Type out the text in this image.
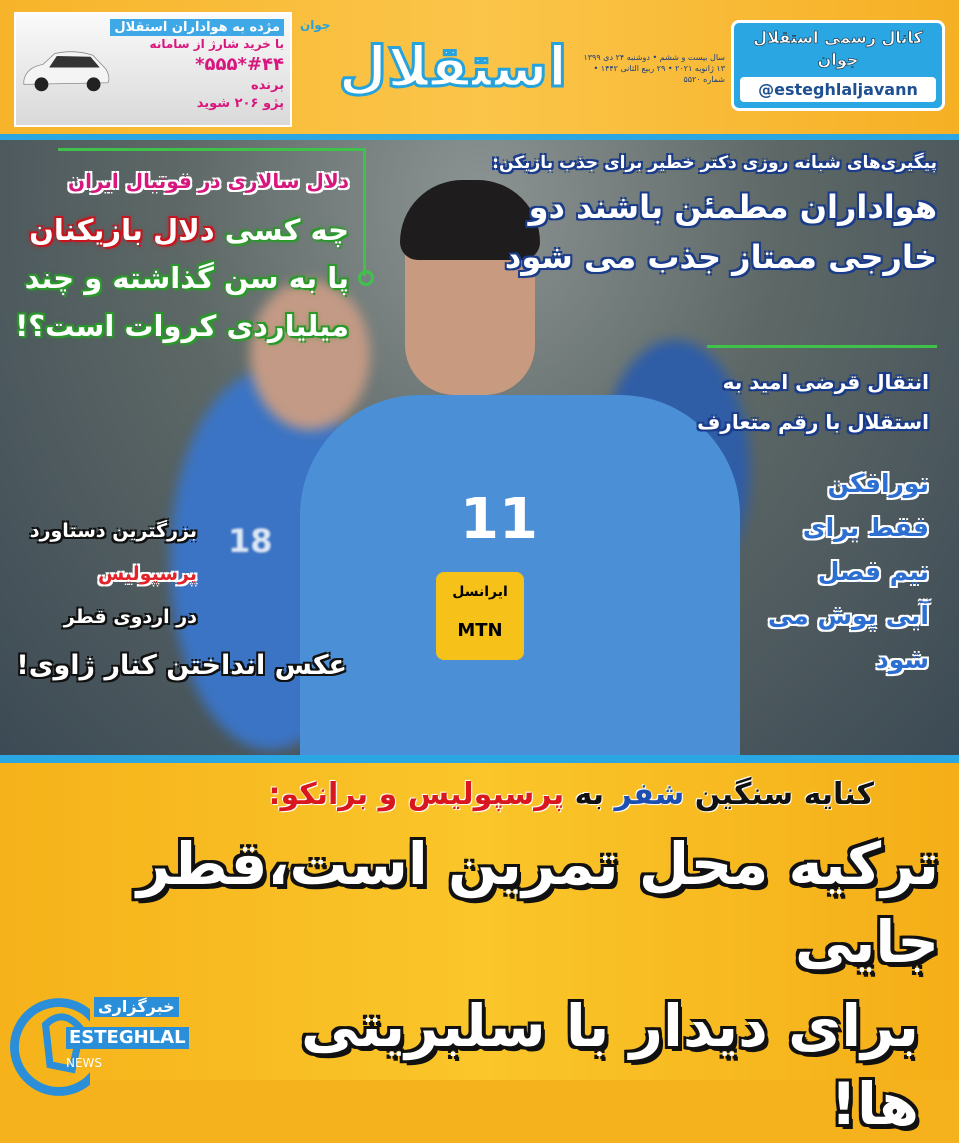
مژده به هواداران استقلال
با خرید شارژ از سامانه
#۴۴*۵۵۵*
برنده
پژو ۲۰۶ شوید
جوان
استقلال	سال بیست و ششم • دوشنبه ۲۴ دی ۱۳۹۹
۱۳ ژانویه ۲۰۲۱ • ۲۹ ربیع الثانی ۱۴۴۲ • شماره ۵۵۲۰
کانال رسمی استقلال جوان
@esteghlaljavann
11
ایرانسل
MTN
18
پیگیری‌های شبانه روزی دکتر خطیر برای جذب بازیکن:
هواداران مطمئن باشند دو
خارجی ممتاز جذب می شود
دلال سالاری در فوتبال ایران
چه کسی دلال بازیکنان
پا به سن گذاشته و چند
میلیاردی کروات است؟!
انتقال قرضی امید به
استقلال با رقم متعارف
نورافکن
فقط برای
نیم فصل
آبی پوش می شود
بزرگترین دستاورد
پرسپولیس
در اردوی قطر
عکس انداختن کنار ژاوی!
کنایه سنگین شفر به پرسپولیس و برانکو:
ترکیه محل تمرین است،قطر جایی
خبرگزاری
ESTEGHLAL
NEWS
برای دیدار با سلبریتی ها!
